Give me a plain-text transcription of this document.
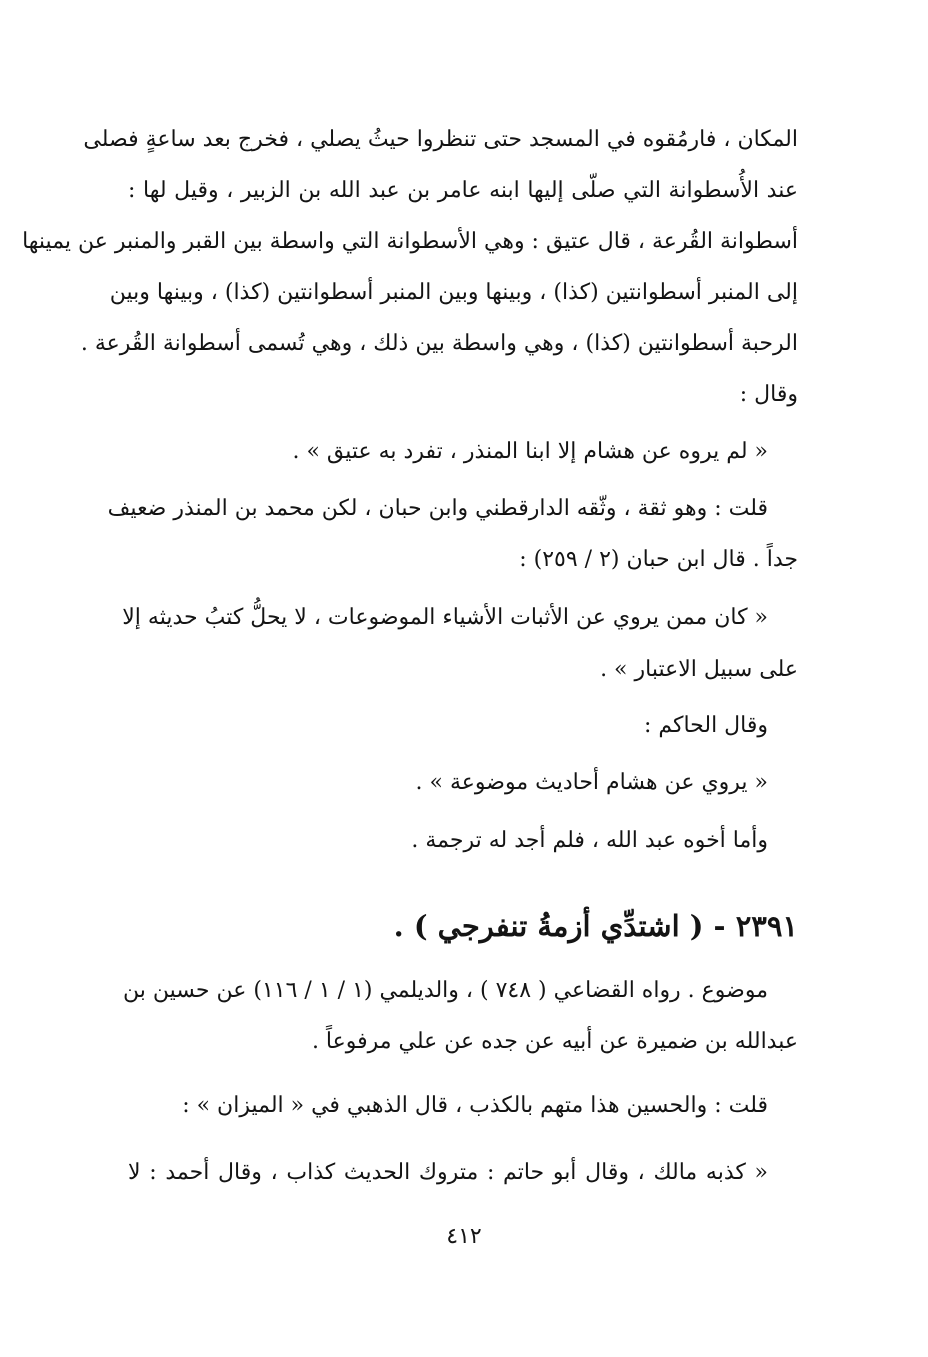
المكان ، فارمُقوه في المسجد حتى تنظروا حيثُ يصلي ، فخرج بعد ساعةٍ فصلى
عند الأُسطوانة التي صلّى إليها ابنه عامر بن عبد الله بن الزبير ، وقيل لها :
أسطوانة القُرعة ، قال عتيق : وهي الأسطوانة التي واسطة بين القبر والمنبر عن يمينها
إلى المنبر أسطوانتين (كذا) ، وبينها وبين المنبر أسطوانتين (كذا) ، وبينها وبين
الرحبة أسطوانتين (كذا) ، وهي واسطة بين ذلك ، وهي تُسمى أسطوانة القُرعة .
وقال :
« لم يروه عن هشام إلا ابنا المنذر ، تفرد به عتيق » .
قلت : وهو ثقة ، وثّقه الدارقطني وابن حبان ، لكن محمد بن المنذر ضعيف
جداً . قال ابن حبان (٢ / ٢٥٩) :
« كان ممن يروي عن الأثبات الأشياء الموضوعات ، لا يحلُّ كتبُ حديثه إلا
على سبيل الاعتبار » .
وقال الحاكم :
« يروي عن هشام أحاديث موضوعة » .
وأما أخوه عبد الله ، فلم أجد له ترجمة .
٢٣٩١ - ( اشتدِّي أزمةُ تنفرجي ) .
موضوع . رواه القضاعي ( ٧٤٨ ) ، والديلمي (١ / ١ / ١١٦) عن حسين بن
عبدالله بن ضميرة عن أبيه عن جده عن علي مرفوعاً .
قلت : والحسين هذا متهم بالكذب ، قال الذهبي في « الميزان » :
« كذبه مالك ، وقال أبو حاتم : متروك الحديث كذاب ، وقال أحمد : لا
٤١٢
